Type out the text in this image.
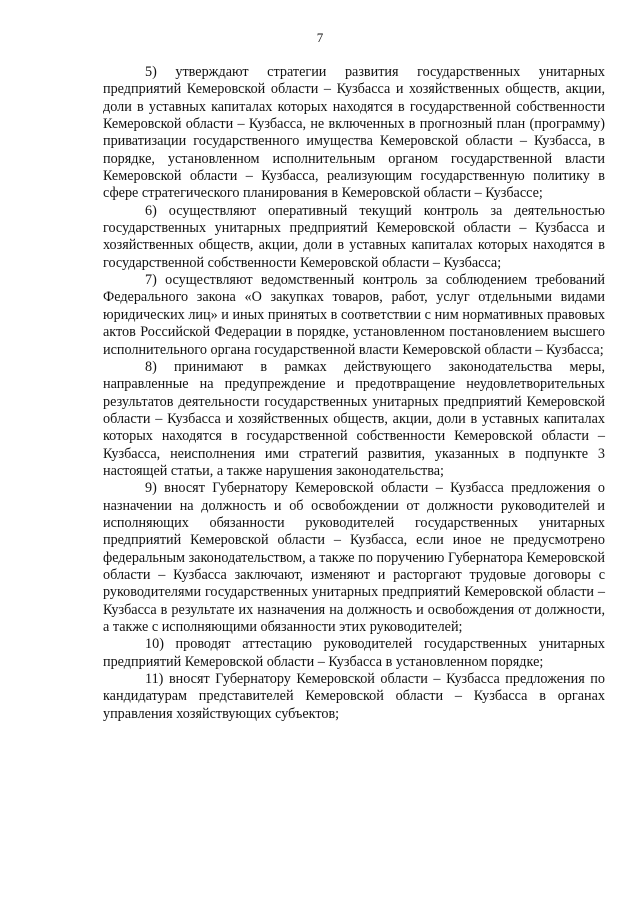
7

5) утверждают стратегии развития государственных унитарных предприятий Кемеровской области – Кузбасса и хозяйственных обществ, акции, доли в уставных капиталах которых находятся в государственной собственности Кемеровской области – Кузбасса, не включенных в прогнозный план (программу) приватизации государственного имущества Кемеровской области – Кузбасса, в порядке, установленном исполнительным органом государственной власти Кемеровской области – Кузбасса, реализующим государственную политику в сфере стратегического планирования в Кемеровской области – Кузбассе;

6) осуществляют оперативный текущий контроль за деятельностью государственных унитарных предприятий Кемеровской области – Кузбасса и хозяйственных обществ, акции, доли в уставных капиталах которых находятся в государственной собственности Кемеровской области – Кузбасса;

7) осуществляют ведомственный контроль за соблюдением требований Федерального закона «О закупках товаров, работ, услуг отдельными видами юридических лиц» и иных принятых в соответствии с ним нормативных правовых актов Российской Федерации в порядке, установленном постановлением высшего исполнительного органа государственной власти Кемеровской области – Кузбасса;

8) принимают в рамках действующего законодательства меры, направленные на предупреждение и предотвращение неудовлетворительных результатов деятельности государственных унитарных предприятий Кемеровской области – Кузбасса и хозяйственных обществ, акции, доли в уставных капиталах которых находятся в государственной собственности Кемеровской области – Кузбасса, неисполнения ими стратегий развития, указанных в подпункте 3 настоящей статьи, а также нарушения законодательства;

9) вносят Губернатору Кемеровской области – Кузбасса предложения о назначении на должность и об освобождении от должности руководителей и исполняющих обязанности руководителей государственных унитарных предприятий Кемеровской области – Кузбасса, если иное не предусмотрено федеральным законодательством, а также по поручению Губернатора Кемеровской области – Кузбасса заключают, изменяют и расторгают трудовые договоры с руководителями государственных унитарных предприятий Кемеровской области – Кузбасса в результате их назначения на должность и освобождения от должности, а также с исполняющими обязанности этих руководителей;

10) проводят аттестацию руководителей государственных унитарных предприятий Кемеровской области – Кузбасса в установленном порядке;

11) вносят Губернатору Кемеровской области – Кузбасса предложения по кандидатурам представителей Кемеровской области – Кузбасса в органах управления хозяйствующих субъектов;
